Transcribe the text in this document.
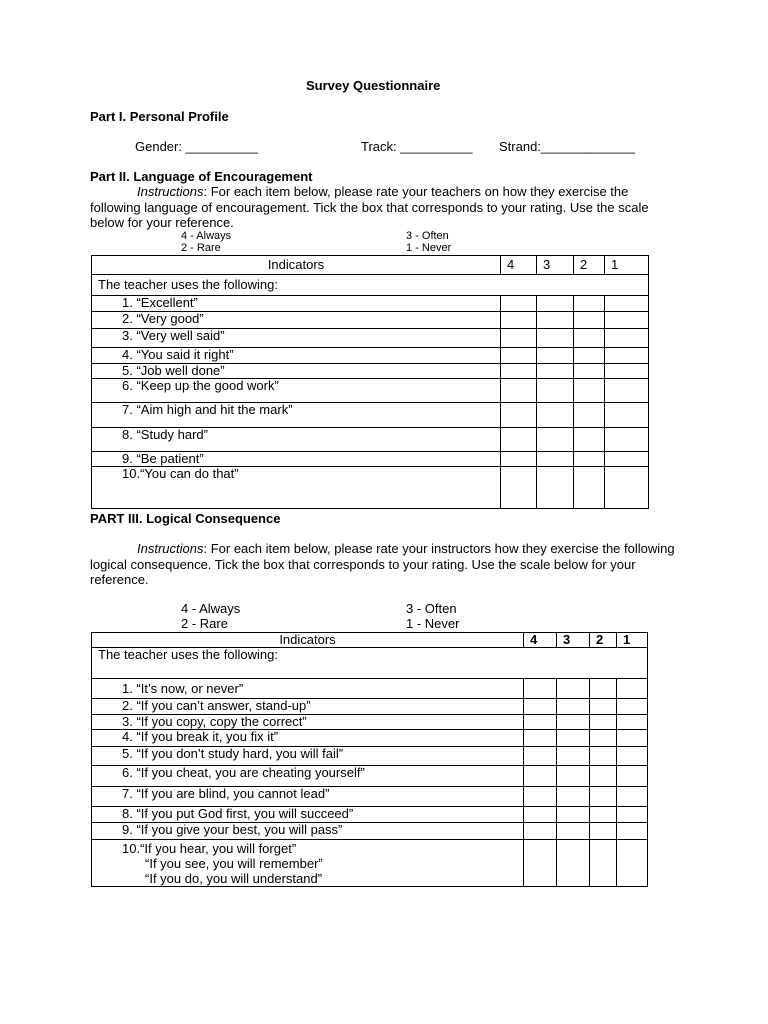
Survey Questionnaire
Part I. Personal Profile
Gender: __________	Track: __________ Strand:_____________
Part II. Language of Encouragement
Instructions: For each item below, please rate your teachers on how they exercise the following language of encouragement. Tick the box that corresponds to your rating. Use the scale below for your reference.
4 - Always	3 - Often
2 - Rare	1 - Never
Indicators	4	3	2	1
The teacher uses the following:				
1. “Excellent”				
2. “Very good”				
3. “Very well said”				
4. “You said it right”				
5. “Job well done”				
6. “Keep up the good work”				
7. “Aim high and hit the mark”				
8. “Study hard”				
9. “Be patient”				
10.“You can do that”				
PART III. Logical Consequence
Instructions: For each item below, please rate your instructors how they exercise the following logical consequence. Tick the box that corresponds to your rating. Use the scale below for your reference.
4 - Always	3 - Often
2 - Rare	1 - Never
Indicators	4	3	2	1
The teacher uses the following:				
1. “It’s now, or never”				
2. “If you can’t answer, stand-up”				
3. “If you copy, copy the correct”				
4. “If you break it, you fix it”				
5. “If you don’t study hard, you will fail”				
6. “If you cheat, you are cheating yourself”				
7. “If you are blind, you cannot lead”				
8. “If you put God first, you will succeed”				
9. “If you give your best, you will pass”				

10.“If you hear, you will forget”
“If you see, you will remember”
“If you do, you will understand”				
